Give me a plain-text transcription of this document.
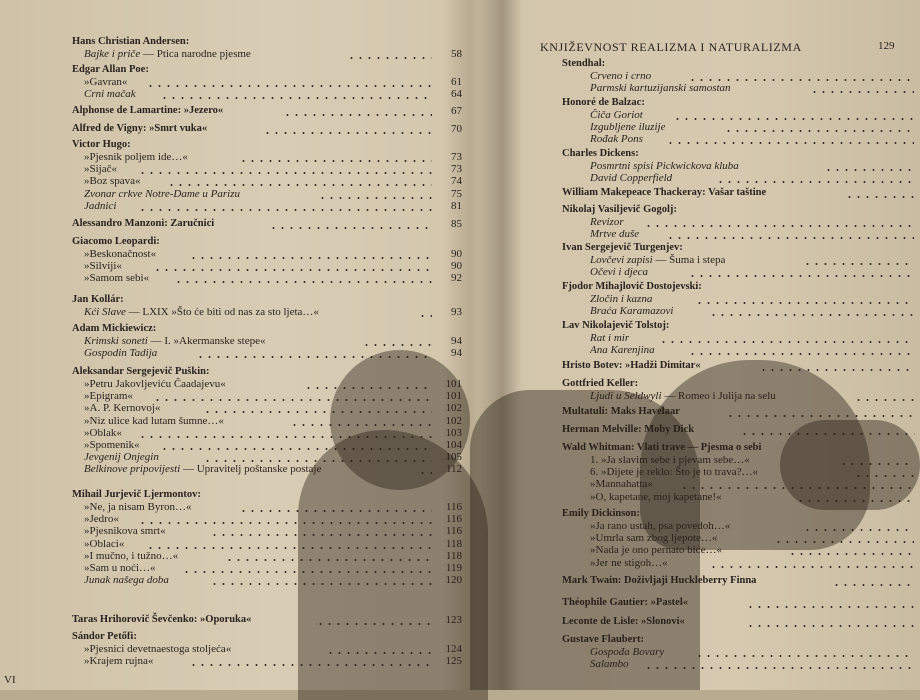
Hans Christian Andersen:
Bajke i priče — Ptica narodne pjesme	58
Edgar Allan Poe:
»Gavran«	61
Crni mačak	64
Alphonse de Lamartine: »Jezero«	67
Alfred de Vigny: »Smrt vuka«	70
Victor Hugo:
»Pjesnik poljem ide…«	73
»Sijač«	73
»Boz spava«	74
Zvonar crkve Notre-Dame u Parizu	75
Jadnici	81
Alessandro Manzoni: Zaručnici	85
Giacomo Leopardi:
»Beskonačnost«	90
»Silviji«	90
»Samom sebi«	92
Jan Kollár:
Kći Slave — LXIX »Što će biti od nas za sto ljeta…«	93
Adam Mickiewicz:
Krimski soneti — I. »Akermanske stepe«	94
Gospodin Tadija	94
Aleksandar Sergejevič Puškin:
»Petru Jakovljeviću Čaadajevu«	101
»Epigram«	101
»A. P. Kernovoj«	102
»Niz ulice kad lutam šumne…«	102
»Oblak«	103
»Spomenik«	104
Jevgenij Onjegin	105
Belkinove pripovijesti — Upravitelj poštanske postaje	112
Mihail Jurjevič Ljermontov:
»Ne, ja nisam Byron…«	116
»Jedro«	116
»Pjesnikova smrt«	116
»Oblaci«	118
»I mučno, i tužno…«	118
»Sam u noći…«	119
Junak našega doba	120
Taras Hrihorovič Ševčenko: »Oporuka«	123
Sándor Petőfi:
»Pjesnici devetnaestoga stoljeća«	124
»Krajem rujna«	125
KNJIŽEVNOST REALIZMA I NATURALIZMA	129
Stendhal:
Crveno i crno
Parmski kartuzijanski samostan
Honoré de Balzac:
Čiča Goriot
Izgubljene iluzije
Rođak Pons
Charles Dickens:
Posmrtni spisi Pickwickova kluba
David Copperfield
William Makepeace Thackeray: Vašar taštine
Nikolaj Vasiljevič Gogolj:
Revizor
Mrtve duše
Ivan Sergejevič Turgenjev:
Lovčevi zapisi — Šuma i stepa
Očevi i djeca
Fjodor Mihajlovič Dostojevski:
Zločin i kazna
Braća Karamazovi
Lav Nikolajevič Tolstoj:
Rat i mir
Ana Karenjina
Hristo Botev: »Hadži Dimitar«
Gottfried Keller:
Ljudi u Seldwyli — Romeo i Julija na selu
Multatuli: Maks Havelaar
Herman Melville: Moby Dick
Wald Whitman: Vlati trave — Pjesma o sebi
1. »Ja slavim sebe i pjevam sebe…«
6. »Dijete je reklo: Što je to trava?…«
»Mannahatta«
»O, kapetane, moj kapetane!«
Emily Dickinson:
»Ja rano ustah, psa povedoh…«
»Umrla sam zbog ljepote…«
»Nada je ono pernato biće…«
»Jer ne stigoh…«
Mark Twain: Doživljaji Huckleberry Finna
Théophile Gautier: »Pastel«
Leconte de Lisle: »Slonovi«
Gustave Flaubert:
Gospođa Bovary
Salambo
VI
